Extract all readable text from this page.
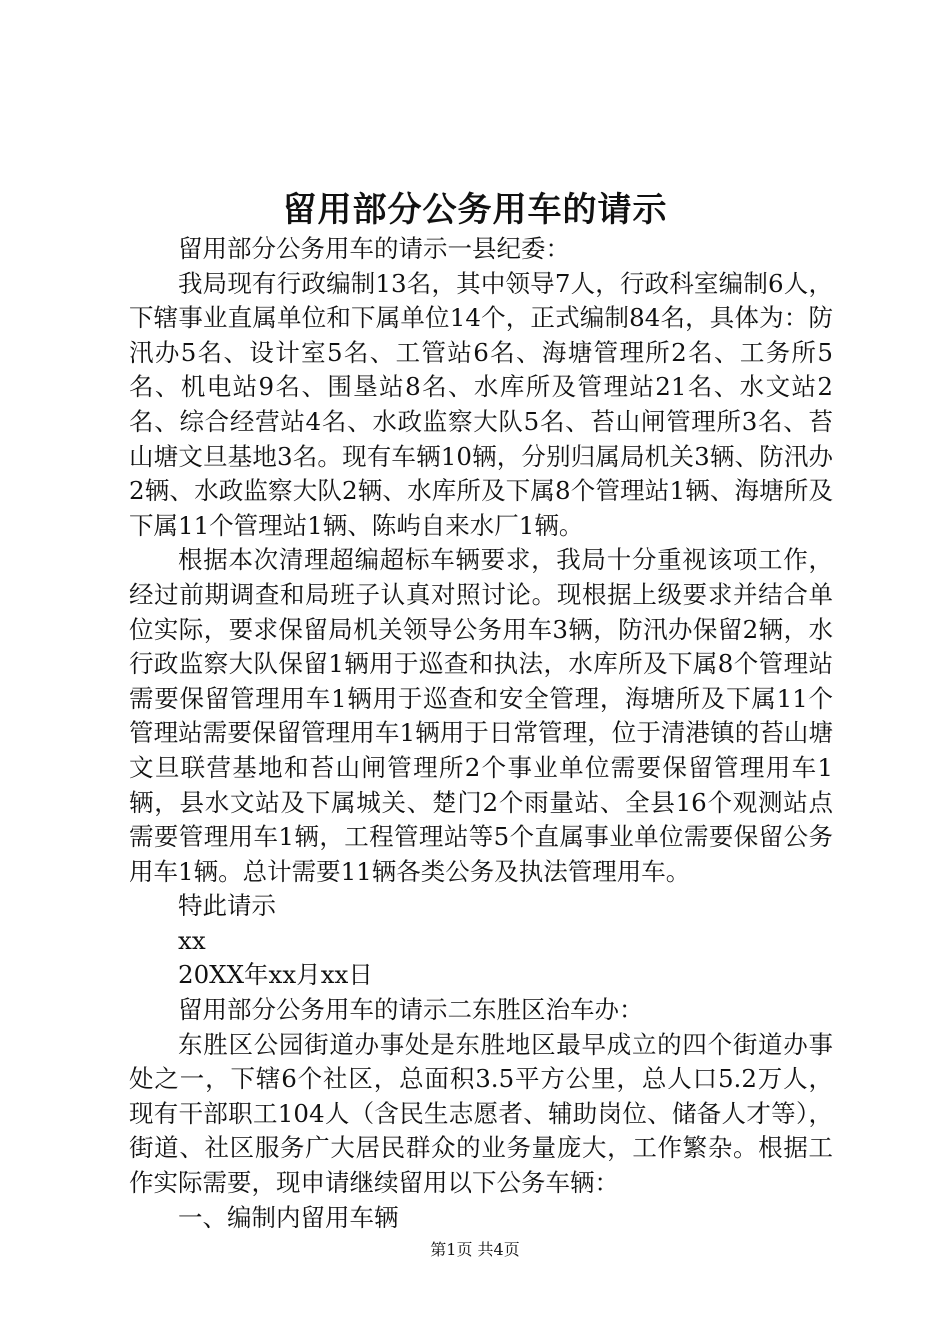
留用部分公务用车的请示

留用部分公务用车的请示一县纪委：

我局现有行政编制13名，其中领导7人，行政科室编制6人，下辖事业直属单位和下属单位14个，正式编制84名，具体为：防汛办5名、设计室5名、工管站6名、海塘管理所2名、工务所5名、机电站9名、围垦站8名、水库所及管理站21名、水文站2名、综合经营站4名、水政监察大队5名、苔山闸管理所3名、苔山塘文旦基地3名。现有车辆10辆，分别归属局机关3辆、防汛办2辆、水政监察大队2辆、水库所及下属8个管理站1辆、海塘所及下属11个管理站1辆、陈屿自来水厂1辆。

根据本次清理超编超标车辆要求，我局十分重视该项工作，经过前期调查和局班子认真对照讨论。现根据上级要求并结合单位实际，要求保留局机关领导公务用车3辆，防汛办保留2辆，水行政监察大队保留1辆用于巡查和执法，水库所及下属8个管理站需要保留管理用车1辆用于巡查和安全管理，海塘所及下属11个管理站需要保留管理用车1辆用于日常管理，位于清港镇的苔山塘文旦联营基地和苔山闸管理所2个事业单位需要保留管理用车1辆，县水文站及下属城关、楚门2个雨量站、全县16个观测站点需要管理用车1辆，工程管理站等5个直属事业单位需要保留公务用车1辆。总计需要11辆各类公务及执法管理用车。

特此请示

xx

20XX年xx月xx日

留用部分公务用车的请示二东胜区治车办：

东胜区公园街道办事处是东胜地区最早成立的四个街道办事处之一，下辖6个社区，总面积3.5平方公里，总人口5.2万人，现有干部职工104人（含民生志愿者、辅助岗位、储备人才等），街道、社区服务广大居民群众的业务量庞大，工作繁杂。根据工作实际需要，现申请继续留用以下公务车辆：

一、编制内留用车辆

第1页 共4页
